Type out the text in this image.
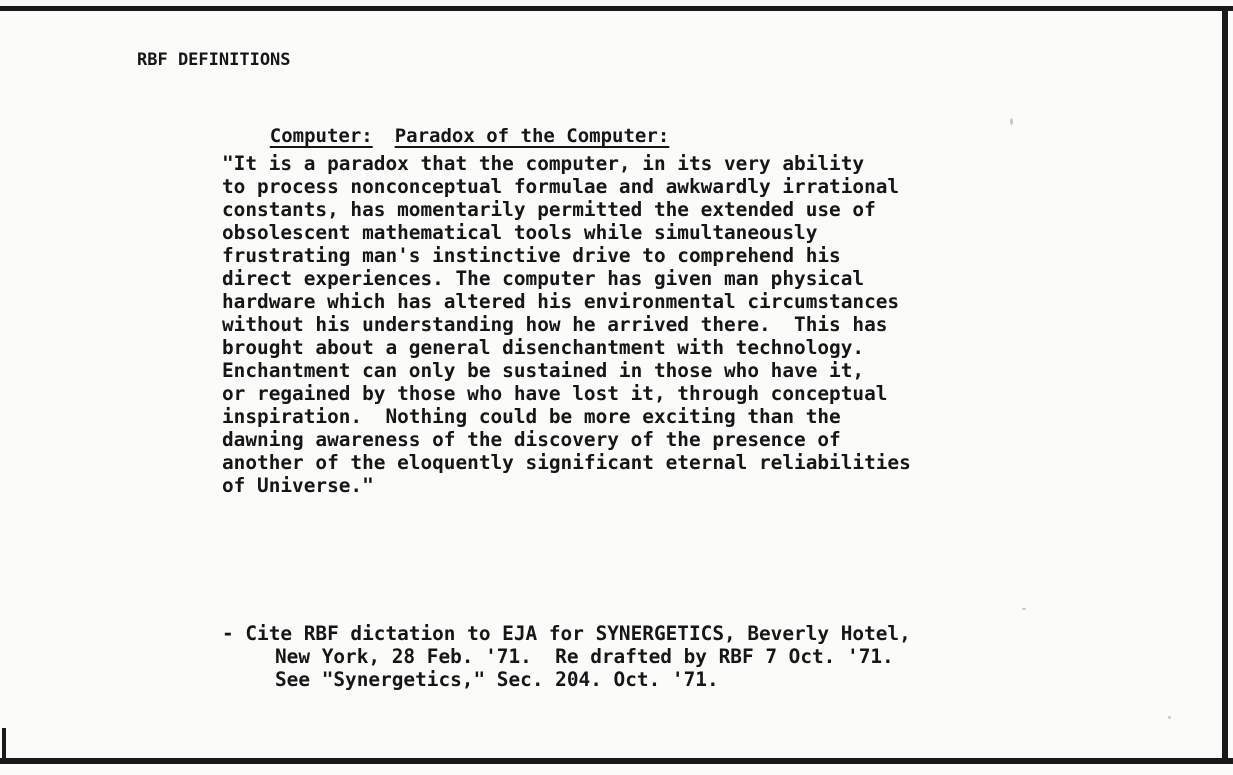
RBF DEFINITIONS

Computer: Paradox of the Computer:

"It is a paradox that the computer, in its very ability
to process nonconceptual formulae and awkwardly irrational
constants, has momentarily permitted the extended use of
obsolescent mathematical tools while simultaneously
frustrating man's instinctive drive to comprehend his
direct experiences. The computer has given man physical
hardware which has altered his environmental circumstances
without his understanding how he arrived there.  This has
brought about a general disenchantment with technology.
Enchantment can only be sustained in those who have it,
or regained by those who have lost it, through conceptual
inspiration.  Nothing could be more exciting than the
dawning awareness of the discovery of the presence of
another of the eloquently significant eternal reliabilities
of Universe."
- Cite RBF dictation to EJA for SYNERGETICS, Beverly Hotel,
New York, 28 Feb. '71.  Re drafted by RBF 7 Oct. '71.
See "Synergetics," Sec. 204. Oct. '71.
